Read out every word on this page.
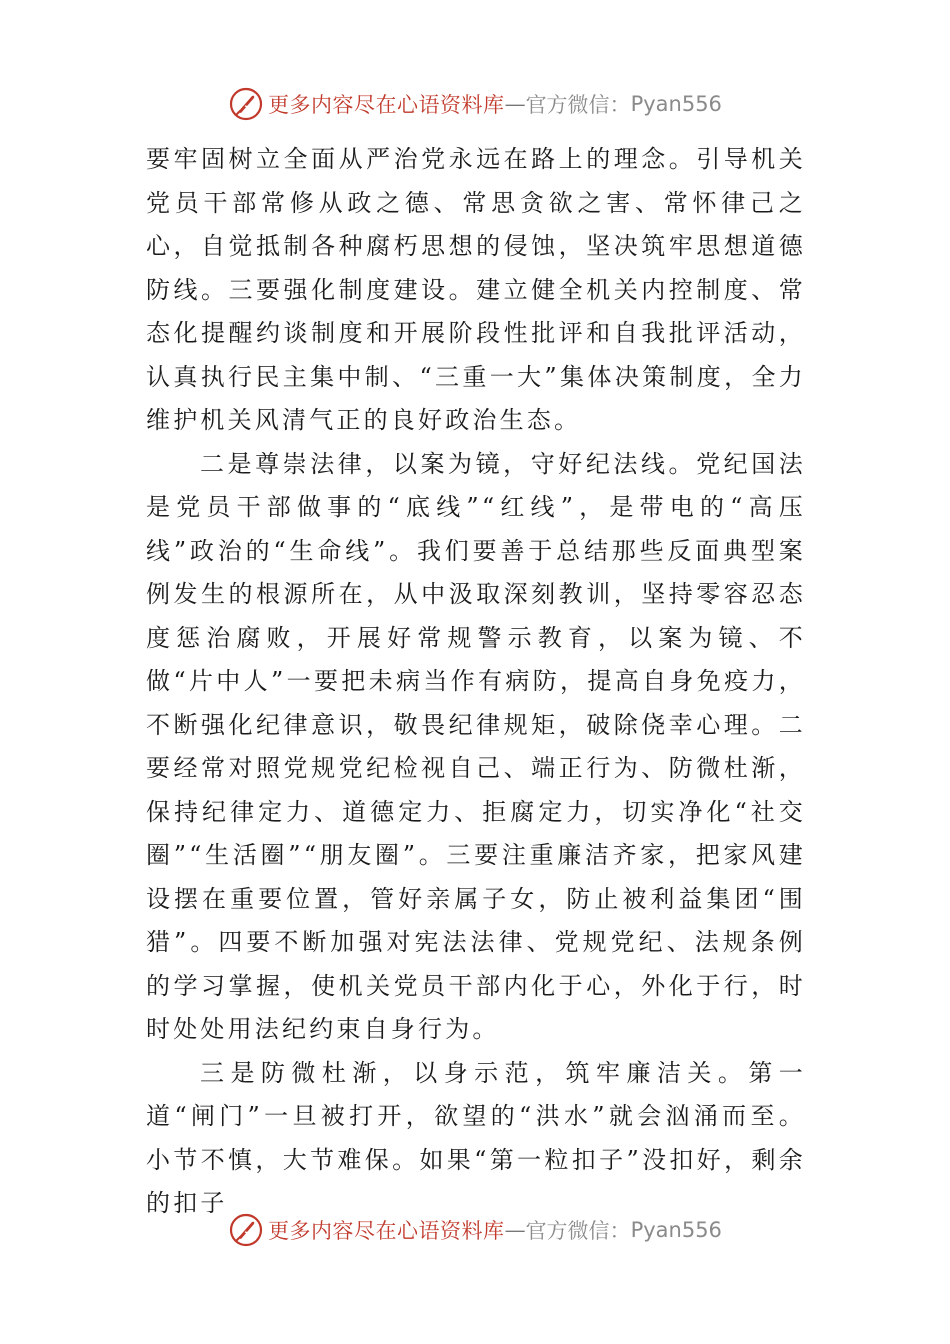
更多内容尽在心语资料库 — 官方微信： Pyan556

要牢固树立全面从严治党永远在路上的理念。引导机关党员干部常修从政之德、常思贪欲之害、常怀律己之心，自觉抵制各种腐朽思想的侵蚀，坚决筑牢思想道德防线。三要强化制度建设。建立健全机关内控制度、常态化提醒约谈制度和开展阶段性批评和自我批评活动，认真执行民主集中制、“三重一大”集体决策制度，全力维护机关风清气正的良好政治生态。

二是尊崇法律，以案为镜，守好纪法线。党纪国法是党员干部做事的“底线”“红线”，是带电的“高压线”政治的“生命线”。我们要善于总结那些反面典型案例发生的根源所在，从中汲取深刻教训，坚持零容忍态度惩治腐败，开展好常规警示教育，以案为镜、不做“片中人”一要把未病当作有病防，提高自身免疫力，不断强化纪律意识，敬畏纪律规矩，破除侥幸心理。二要经常对照党规党纪检视自己、端正行为、防微杜渐，保持纪律定力、道德定力、拒腐定力，切实净化“社交圈”“生活圈”“朋友圈”。三要注重廉洁齐家，把家风建设摆在重要位置，管好亲属子女，防止被利益集团“围猎”。四要不断加强对宪法法律、党规党纪、法规条例的学习掌握，使机关党员干部内化于心，外化于行，时时处处用法纪约束自身行为。

三是防微杜渐，以身示范，筑牢廉洁关。第一道“闸门”一旦被打开，欲望的“洪水”就会汹涌而至。小节不慎，大节难保。如果“第一粒扣子”没扣好，剩余的扣子

更多内容尽在心语资料库 — 官方微信： Pyan556
